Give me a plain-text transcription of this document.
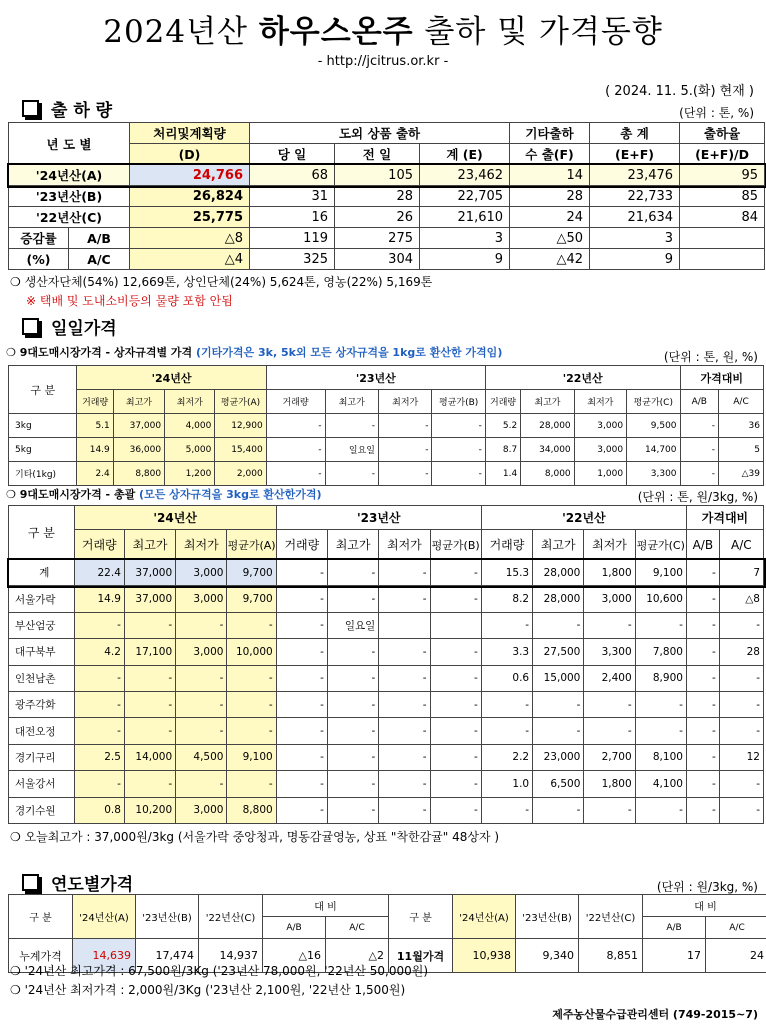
2024년산 하우스온주 출하 및 가격동향
- http://jcitrus.or.kr -
( 2024. 11. 5.(화) 현재 )
출 하 량	(단위 : 톤, %)
년 도 별		처리및계획량	도외 상품 출하			기타출하	총 계	출하율
		(D)	당 일	전 일	계 (E)	수 출(F)	(E+F)	(E+F)/D
'24년산(A)		24,766	68	105	23,462	14	23,476	95
'23년산(B)		26,824	31	28	22,705	28	22,733	85
'22년산(C)		25,775	16	26	21,610	24	21,634	84
증감률	A/B	△8	119	275	3	△50	3	
(%)	A/C	△4	325	304	9	△42	9	
❍ 생산자단체(54%) 12,669톤, 상인단체(24%) 5,624톤, 영농(22%) 5,169톤
※ 택배 및 도내소비등의 물량 포함 안됨
일일가격
❍ 9대도매시장가격 - 상자규격별 가격 (기타가격은 3k, 5k외 모든 상자규격을 1kg로 환산한 가격임)	(단위 : 톤, 원, %)
구 분	'24년산				'23년산				'22년산				가격대비	
	거래량	최고가	최저가	평균가(A)	거래량	최고가	최저가	평균가(B)	거래량	최고가	최저가	평균가(C)	A/B	A/C
3kg	5.1	37,000	4,000	12,900	-	-	-	-	5.2	28,000	3,000	9,500	-	36
5kg	14.9	36,000	5,000	15,400	-	일요일	-	-	8.7	34,000	3,000	14,700	-	5
기타(1kg)	2.4	8,800	1,200	2,000	-	-	-	-	1.4	8,000	1,000	3,300	-	△39
❍ 9대도매시장가격 - 총괄 (모든 상자규격을 3kg로 환산한가격)	(단위 : 톤, 원/3kg, %)
구 분	'24년산				'23년산				'22년산				가격대비	
	거래량	최고가	최저가	평균가(A)	거래량	최고가	최저가	평균가(B)	거래량	최고가	최저가	평균가(C)	A/B	A/C
계	22.4	37,000	3,000	9,700	-	-	-	-	15.3	28,000	1,800	9,100	-	7
서울가락	14.9	37,000	3,000	9,700	-	-	-	-	8.2	28,000	3,000	10,600	-	△8
부산엄궁	-	-	-	-	-	일요일			-	-	-	-	-	-
대구북부	4.2	17,100	3,000	10,000	-	-	-	-	3.3	27,500	3,300	7,800	-	28
인천남촌	-	-	-	-	-	-	-	-	0.6	15,000	2,400	8,900	-	-
광주각화	-	-	-	-	-	-	-	-	-	-	-	-	-	-
대전오정	-	-	-	-	-	-	-	-	-	-	-	-	-	-
경기구리	2.5	14,000	4,500	9,100	-	-	-	-	2.2	23,000	2,700	8,100	-	12
서울강서	-	-	-	-	-	-	-	-	1.0	6,500	1,800	4,100	-	-
경기수원	0.8	10,200	3,000	8,800	-	-	-	-	-	-	-	-	-	-
❍ 오늘최고가 : 37,000원/3kg (서울가락 중앙청과, 명동감귤영농, 상표 "착한감귤" 48상자 )
연도별가격	(단위 : 원/3kg, %)
구 분	'24년산(A)	'23년산(B)	'22년산(C)	대 비		구 분	'24년산(A)	'23년산(B)	'22년산(C)	대 비	
				A/B	A/C					A/B	A/C
누계가격	14,639	17,474	14,937	△16	△2	11월가격	10,938	9,340	8,851	17	24
❍ '24년산 최고가격 : 67,500원/3Kg ('23년산 78,000원, '22년산 50,000원)
❍ '24년산 최저가격 : 2,000원/3Kg ('23년산 2,100원, '22년산 1,500원)
제주농산물수급관리센터 (749-2015~7)
